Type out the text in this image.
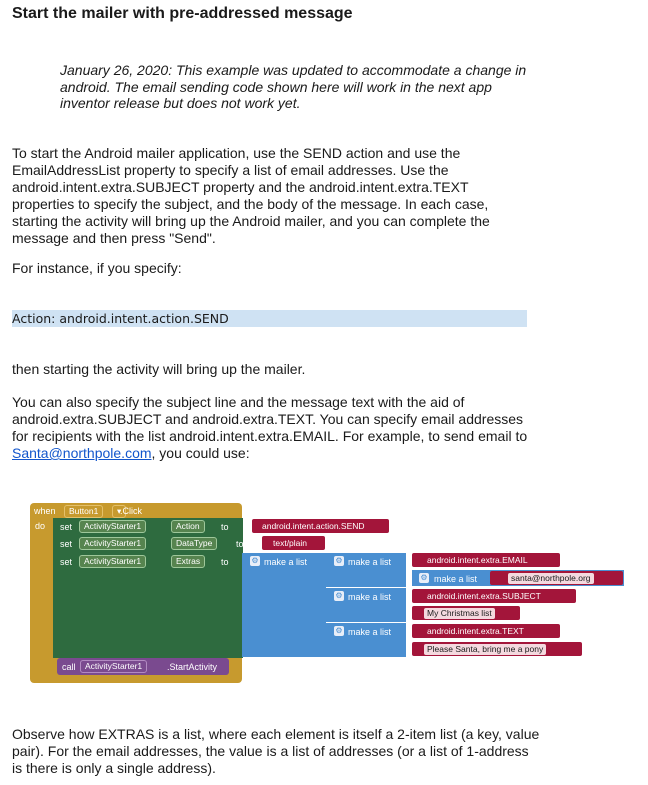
Start the mailer with pre-addressed message

January 26, 2020: This example was updated to accommodate a change in android. The email sending code shown here will work in the next app inventor release but does not work yet.

To start the Android mailer application, use the SEND action and use the EmailAddressList property to specify a list of email addresses. Use the android.intent.extra.SUBJECT property and the android.intent.extra.TEXT properties to specify the subject, and the body of the message. In each case, starting the activity will bring up the Android mailer, and you can complete the message and then press "Send".

For instance, if you specify:

Action: android.intent.action.SEND

then starting the activity will bring up the mailer.

You can also specify the subject line and the message text with the aid of android.extra.SUBJECT and android.extra.TEXT. You can specify email addresses for recipients with the list android.intent.extra.EMAIL. For example, to send email to Santa@northpole.com, you could use:

when	Button1	▾
.Click
do set	ActivityStarter1	Action	to	android.intent.action.SEND
set	ActivityStarter1	DataType	to	text/plain
set	ActivityStarter1	Extras	to	⚙ make a list	⚙ make a list	android.intent.extra.EMAIL
⚙ make a list	santa@northpole.org
⚙ make a list	android.intent.extra.SUBJECT
My Christmas list
⚙ make a list	android.intent.extra.TEXT
Please Santa, bring me a pony
call	ActivityStarter1	.StartActivity

Observe how EXTRAS is a list, where each element is itself a 2-item list (a key, value pair). For the email addresses, the value is a list of addresses (or a list of 1-address is there is only a single address).
